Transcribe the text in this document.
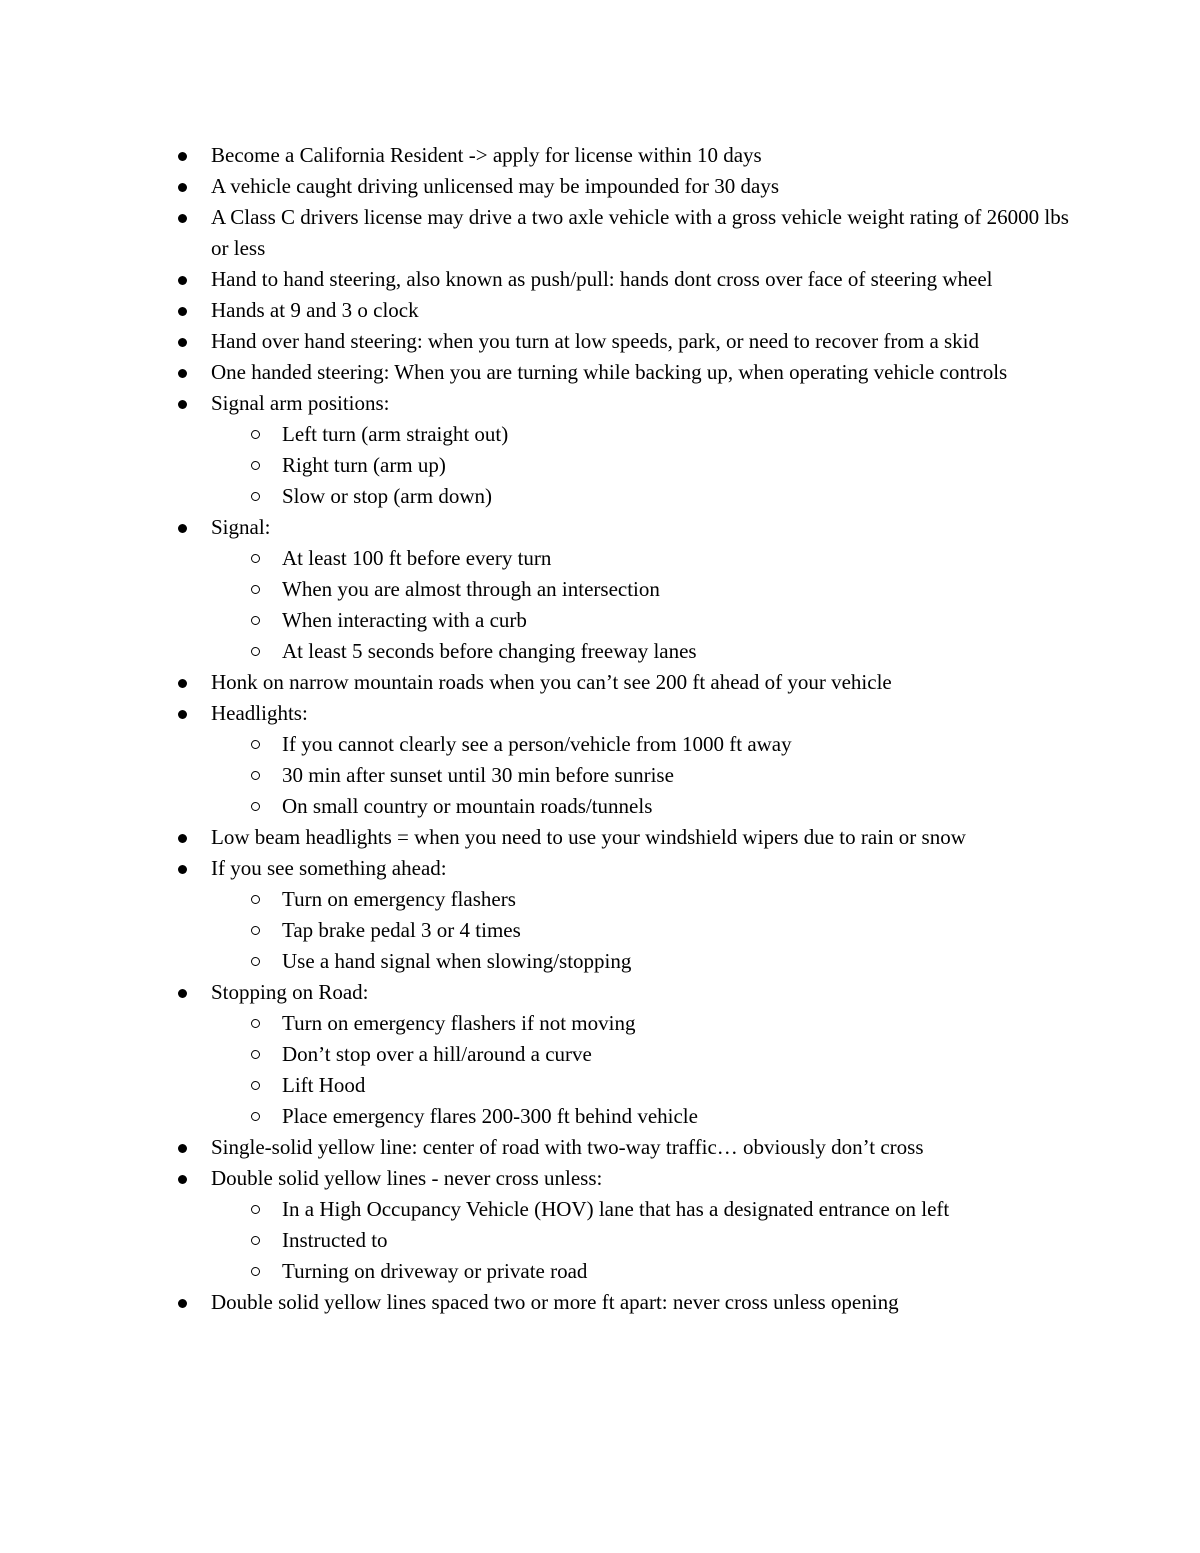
Become a California Resident -> apply for license within 10 days
A vehicle caught driving unlicensed may be impounded for 30 days
A Class C drivers license may drive a two axle vehicle with a gross vehicle weight rating of 26000 lbs or less
Hand to hand steering, also known as push/pull: hands dont cross over face of steering wheel
Hands at 9 and 3 o clock
Hand over hand steering: when you turn at low speeds, park, or need to recover from a skid
One handed steering: When you are turning while backing up, when operating vehicle controls
Signal arm positions:
Left turn (arm straight out)
Right turn (arm up)
Slow or stop (arm down)
Signal:
At least 100 ft before every turn
When you are almost through an intersection
When interacting with a curb
At least 5 seconds before changing freeway lanes
Honk on narrow mountain roads when you can’t see 200 ft ahead of your vehicle
Headlights:
If you cannot clearly see a person/vehicle from 1000 ft away
30 min after sunset until 30 min before sunrise
On small country or mountain roads/tunnels
Low beam headlights = when you need to use your windshield wipers due to rain or snow
If you see something ahead:
Turn on emergency flashers
Tap brake pedal 3 or 4 times
Use a hand signal when slowing/stopping
Stopping on Road:
Turn on emergency flashers if not moving
Don’t stop over a hill/around a curve
Lift Hood
Place emergency flares 200-300 ft behind vehicle
Single-solid yellow line: center of road with two-way traffic… obviously don’t cross
Double solid yellow lines - never cross unless:
In a High Occupancy Vehicle (HOV) lane that has a designated entrance on left
Instructed to
Turning on driveway or private road
Double solid yellow lines spaced two or more ft apart: never cross unless opening
